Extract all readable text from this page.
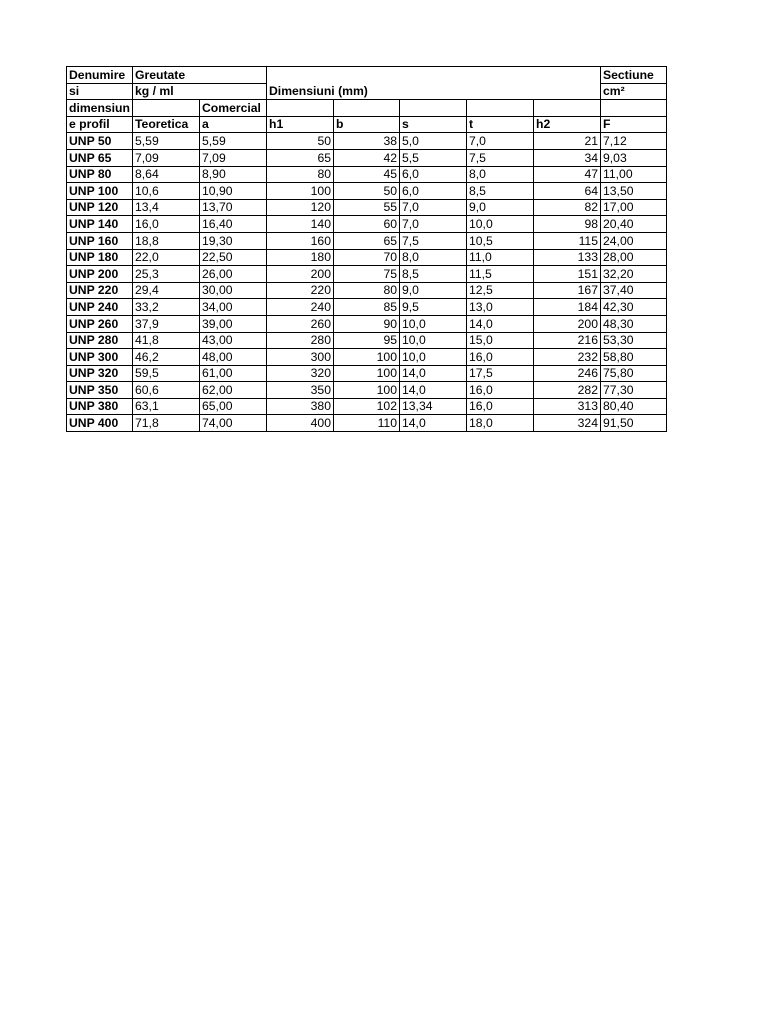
Denumire	Greutate		Dimensiuni (mm)					Sectiune
si	kg / ml							cm²
dimensiun		Comercial						
e profil	Teoretica	a	h1	b	s	t	h2	F
UNP 50	5,59	5,59	50	38	5,0	7,0	21	7,12
UNP 65	7,09	7,09	65	42	5,5	7,5	34	9,03
UNP 80	8,64	8,90	80	45	6,0	8,0	47	11,00
UNP 100	10,6	10,90	100	50	6,0	8,5	64	13,50
UNP 120	13,4	13,70	120	55	7,0	9,0	82	17,00
UNP 140	16,0	16,40	140	60	7,0	10,0	98	20,40
UNP 160	18,8	19,30	160	65	7,5	10,5	115	24,00
UNP 180	22,0	22,50	180	70	8,0	11,0	133	28,00
UNP 200	25,3	26,00	200	75	8,5	11,5	151	32,20
UNP 220	29,4	30,00	220	80	9,0	12,5	167	37,40
UNP 240	33,2	34,00	240	85	9,5	13,0	184	42,30
UNP 260	37,9	39,00	260	90	10,0	14,0	200	48,30
UNP 280	41,8	43,00	280	95	10,0	15,0	216	53,30
UNP 300	46,2	48,00	300	100	10,0	16,0	232	58,80
UNP 320	59,5	61,00	320	100	14,0	17,5	246	75,80
UNP 350	60,6	62,00	350	100	14,0	16,0	282	77,30
UNP 380	63,1	65,00	380	102	13,34	16,0	313	80,40
UNP 400	71,8	74,00	400	110	14,0	18,0	324	91,50
